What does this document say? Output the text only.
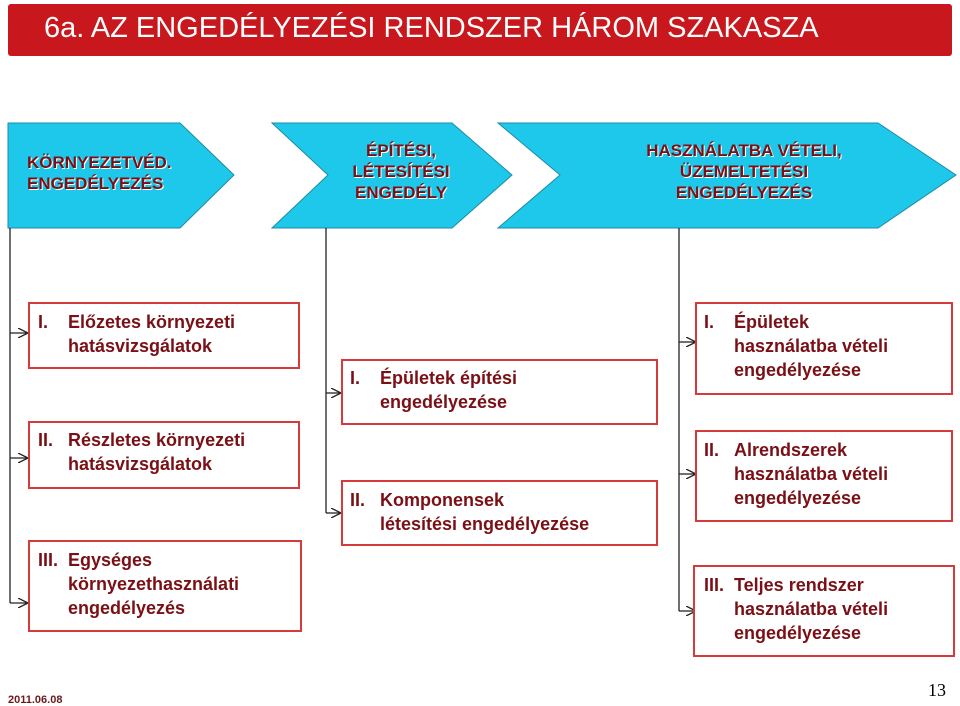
6a. AZ ENGEDÉLYEZÉSI RENDSZER HÁROM SZAKASZA
KÖRNYEZETVÉD.
ENGEDÉLYEZÉS
ÉPÍTÉSI,
LÉTESÍTÉSI
ENGEDÉLY
HASZNÁLATBA VÉTELI,
ÜZEMELTETÉSI
ENGEDÉLYEZÉS
I. Előzetes környezeti
hatásvizsgálatok
II. Részletes környezeti
hatásvizsgálatok
III. Egységes
környezethasználati
engedélyezés
I. Épületek építési
engedélyezése
II. Komponensek
létesítési engedélyezése
I. Épületek
használatba vételi
engedélyezése
II. Alrendszerek
használatba vételi
engedélyezése
III. Teljes rendszer
használatba vételi
engedélyezése
2011.06.08	13
